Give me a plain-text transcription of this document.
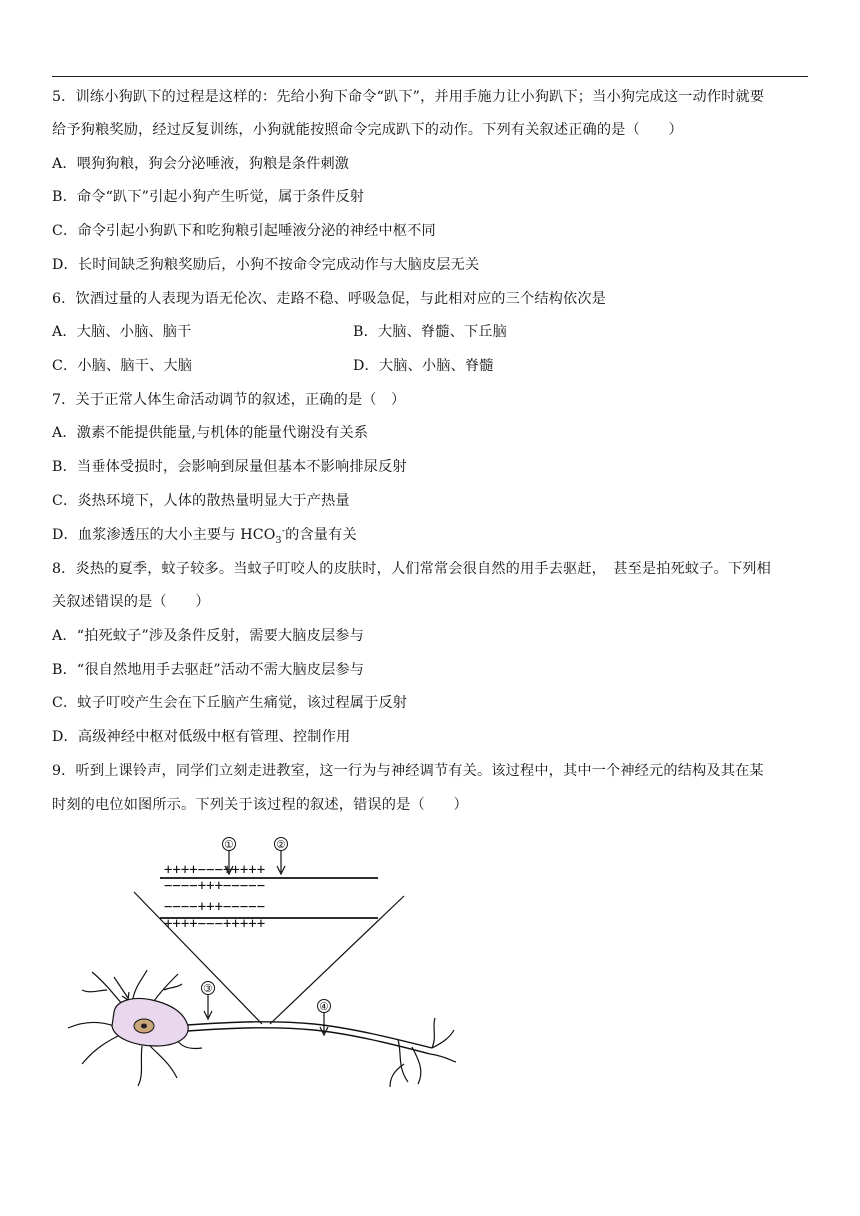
5．训练小狗趴下的过程是这样的：先给小狗下命令“趴下”，并用手施力让小狗趴下；当小狗完成这一动作时就要
给予狗粮奖励，经过反复训练，小狗就能按照命令完成趴下的动作。下列有关叙述正确的是（　　）
A．喂狗狗粮，狗会分泌唾液，狗粮是条件刺激
B．命令“趴下”引起小狗产生听觉，属于条件反射
C．命令引起小狗趴下和吃狗粮引起唾液分泌的神经中枢不同
D．长时间缺乏狗粮奖励后，小狗不按命令完成动作与大脑皮层无关
6．饮酒过量的人表现为语无伦次、走路不稳、呼吸急促，与此相对应的三个结构依次是
A．大脑、小脑、脑干	B．大脑、脊髓、下丘脑
C．小脑、脑干、大脑	D．大脑、小脑、脊髓
7．关于正常人体生命活动调节的叙述，正确的是（　）
A．激素不能提供能量,与机体的能量代谢没有关系
B．当垂体受损时，会影响到尿量但基本不影响排尿反射
C．炎热环境下，人体的散热量明显大于产热量
D．血浆渗透压的大小主要与 $HCO_3^-$的含量有关
8．炎热的夏季，蚊子较多。当蚊子叮咬人的皮肤时，人们常常会很自然的用手去驱赶，　甚至是拍死蚊子。下列相
关叙述错误的是（　　）
A．“拍死蚊子”涉及条件反射，需要大脑皮层参与
B．“很自然地用手去驱赶”活动不需大脑皮层参与
C．蚊子叮咬产生会在下丘脑产生痛觉，该过程属于反射
D．高级神经中枢对低级中枢有管理、控制作用
9．听到上课铃声，同学们立刻走进教室，这一行为与神经调节有关。该过程中，其中一个神经元的结构及其在某
时刻的电位如图所示。下列关于该过程的叙述，错误的是（　　）
++++−−−+++++
−−−−+++−−−−−
−−−−+++−−−−−
++++−−−+++++
①	②
③
④
